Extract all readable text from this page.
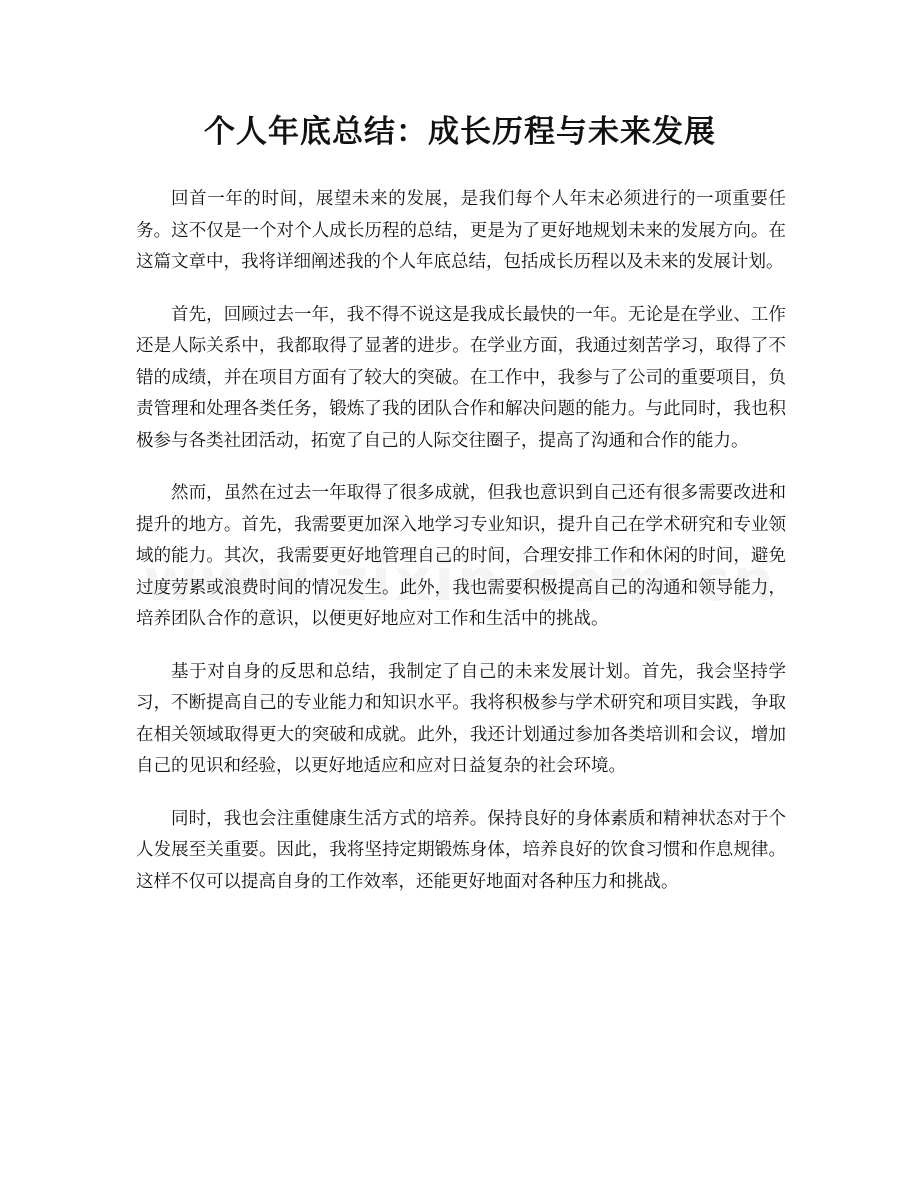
个人年底总结：成长历程与未来发展

回首一年的时间，展望未来的发展，是我们每个人年末必须进行的一项重要任务。这不仅是一个对个人成长历程的总结，更是为了更好地规划未来的发展方向。在这篇文章中，我将详细阐述我的个人年底总结，包括成长历程以及未来的发展计划。

首先，回顾过去一年，我不得不说这是我成长最快的一年。无论是在学业、工作还是人际关系中，我都取得了显著的进步。在学业方面，我通过刻苦学习，取得了不错的成绩，并在项目方面有了较大的突破。在工作中，我参与了公司的重要项目，负责管理和处理各类任务，锻炼了我的团队合作和解决问题的能力。与此同时，我也积极参与各类社团活动，拓宽了自己的人际交往圈子，提高了沟通和合作的能力。

然而，虽然在过去一年取得了很多成就，但我也意识到自己还有很多需要改进和提升的地方。首先，我需要更加深入地学习专业知识，提升自己在学术研究和专业领域的能力。其次，我需要更好地管理自己的时间，合理安排工作和休闲的时间，避免过度劳累或浪费时间的情况发生。此外，我也需要积极提高自己的沟通和领导能力，培养团队合作的意识，以便更好地应对工作和生活中的挑战。

基于对自身的反思和总结，我制定了自己的未来发展计划。首先，我会坚持学习，不断提高自己的专业能力和知识水平。我将积极参与学术研究和项目实践，争取在相关领域取得更大的突破和成就。此外，我还计划通过参加各类培训和会议，增加自己的见识和经验，以更好地适应和应对日益复杂的社会环境。

同时，我也会注重健康生活方式的培养。保持良好的身体素质和精神状态对于个人发展至关重要。因此，我将坚持定期锻炼身体，培养良好的饮食习惯和作息规律。这样不仅可以提高自身的工作效率，还能更好地面对各种压力和挑战。
